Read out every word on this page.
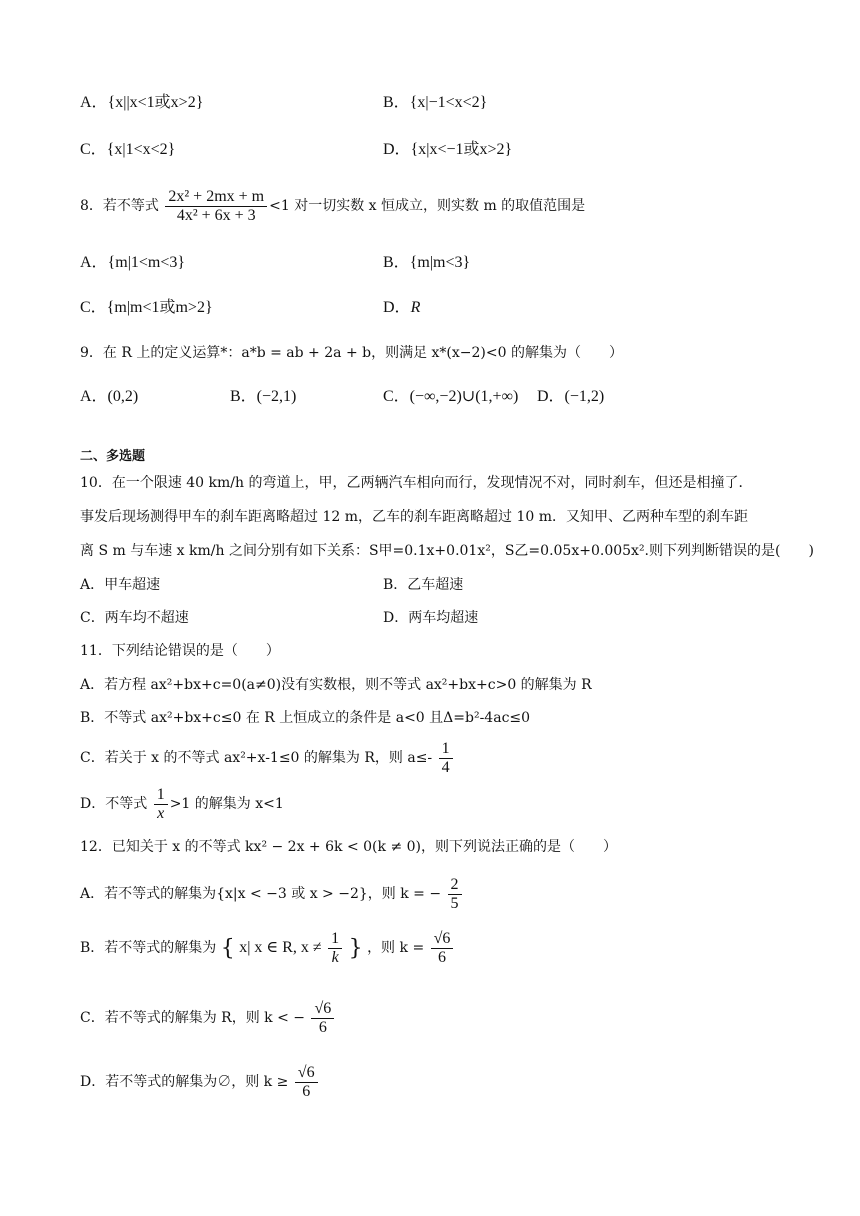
A．{x||x<1或x>2}	B．{x|−1<x<2}
C．{x|1<x<2}	D．{x|x<−1或x>2}
8．若不等式 $\frac{\text{2x² + 2mx + m}}{\text{4x² + 6x + 3}} <1$ 对一切实数 x 恒成立，则实数 m 的取值范围是
A．{m|1<m<3}	B．{m|m<3}
C．{m|m<1或m>2}	D．R
9．在 R 上的定义运算*：a*b = ab + 2a + b，则满足 x*(x−2)<0 的解集为（　　）
A．(0,2)	B．(−2,1)	C．(−∞,−2)∪(1,+∞) D．(−1,2)
二、多选题
10．在一个限速 40 km/h 的弯道上，甲，乙两辆汽车相向而行，发现情况不对，同时刹车，但还是相撞了．
事发后现场测得甲车的刹车距离略超过 12 m，乙车的刹车距离略超过 10 m．又知甲、乙两种车型的刹车距
离 S m 与车速 x km/h 之间分别有如下关系：S甲=0.1x+0.01x²，S乙=0.05x+0.005x².则下列判断错误的是(　　)
A．甲车超速	B．乙车超速
C．两车均不超速	D．两车均超速
11．下列结论错误的是（　　）
A．若方程 ax²+bx+c=0(a≠0)没有实数根，则不等式 ax²+bx+c>0 的解集为 R
B．不等式 ax²+bx+c≤0 在 R 上恒成立的条件是 a<0 且Δ=b²-4ac≤0
C．若关于 x 的不等式 ax²+x-1≤0 的解集为 R，则 $a\le- \frac{1}{4}$
D．不等式 $\frac{1}{x} >1$ 的解集为 x<1
12．已知关于 x 的不等式 kx² − 2x + 6k < 0(k ≠ 0)，则下列说法正确的是（　　）
A．若不等式的解集为{x|x < −3 或 x > −2}，则 k = − $\frac{2}{5}$
B．若不等式的解集为 { x| x ∈ R, $x \ne \frac{1}{k}$ } ，则 $k = \frac{√6}{6}$
C．若不等式的解集为 R，则 k < − $\frac{√6}{6}$
D．若不等式的解集为∅，则 $k \ge \frac{√6}{6}$
